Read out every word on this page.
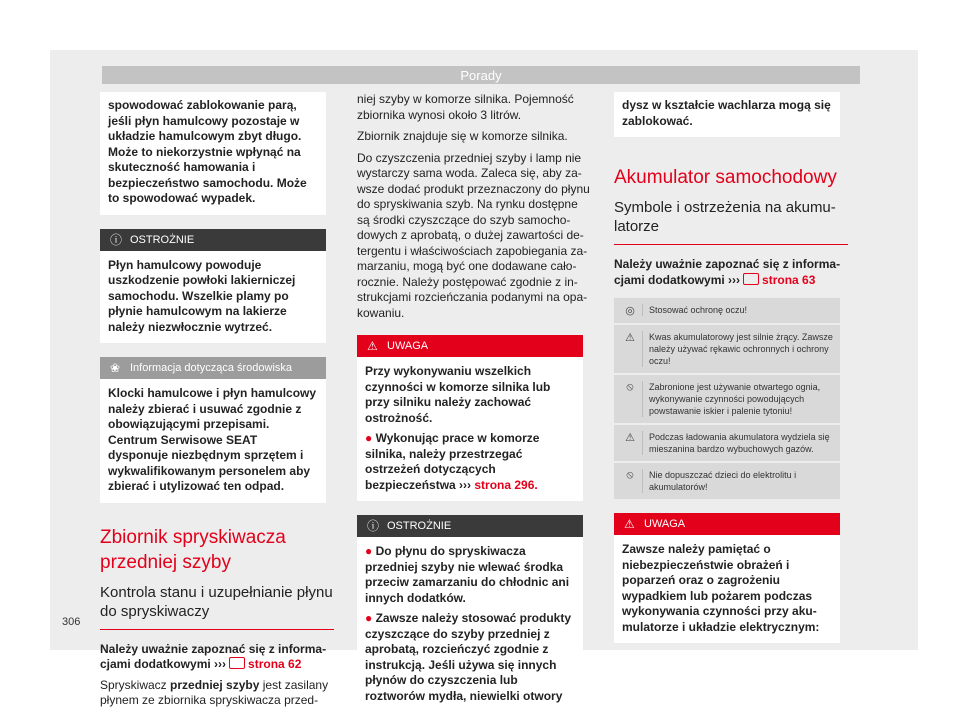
Porady

spowodować zablokowanie parą, jeśli płyn hamulcowy pozostaje w układzie hamulcowym zbyt długo. Może to niekorzystnie wpłynąć na skuteczność hamowania i bezpieczeństwo samochodu. Może to spowodować wypadek.

ⓘ OSTROŻNIE

Płyn hamulcowy powoduje uszkodzenie powłoki lakierniczej samochodu. Wszelkie plamy po płynie hamulcowym na lakierze należy niezwłocznie wytrzeć.

❀ Informacja dotycząca środowiska

Klocki hamulcowe i płyn hamulcowy należy zbierać i usuwać zgodnie z obowiązującymi przepisami. Centrum Serwisowe SEAT dysponuje niezbędnym sprzętem i wykwalifikowanym personelem aby zbierać i utylizować ten odpad.

Zbiornik spryskiwacza przedniej szyby
Kontrola stanu i uzupełnianie płynu do spryskiwaczy

Należy uważnie zapoznać się z informacjami dodatkowymi ››› strona 62

Spryskiwacz przedniej szyby jest zasilany płynem ze zbiornika spryskiwacza przed-

niej szyby w komorze silnika. Pojemność zbiornika wynosi około 3 litrów.

Zbiornik znajduje się w komorze silnika.

Do czyszczenia przedniej szyby i lamp nie wystarczy sama woda. Zaleca się, aby zawsze dodać produkt przeznaczony do płynu do spryskiwania szyb. Na rynku dostępne są środki czyszczące do szyb samochodowych z aprobatą, o dużej zawartości detergentu i właściwościach zapobiegania zamarzaniu, mogą być one dodawane całorocznie. Należy postępować zgodnie z instrukcjami rozcieńczania podanymi na opakowaniu.

⚠ UWAGA

Przy wykonywaniu wszelkich czynności w komorze silnika lub przy silniku należy zachować ostrożność.

● Wykonując prace w komorze silnika, należy przestrzegać ostrzeżeń dotyczących bezpieczeństwa ››› strona 296.

ⓘ OSTROŻNIE

● Do płynu do spryskiwacza przedniej szyby nie wlewać środka przeciw zamarzaniu do chłodnic ani innych dodatków.

● Zawsze należy stosować produkty czyszczące do szyby przedniej z aprobatą, rozcieńczyć zgodnie z instrukcją. Jeśli używa się innych płynów do czyszczenia lub roztworów mydła, niewielki otwory

dysz w kształcie wachlarza mogą się zablokować.

Akumulator samochodowy
Symbole i ostrzeżenia na akumulatorze

Należy uważnie zapoznać się z informacjami dodatkowymi ››› strona 63

◎	Stosować ochronę oczu!
⚠	Kwas akumulatorowy jest silnie żrący. Zawsze należy używać rękawic ochronnych i ochrony oczu!
⦸	Zabronione jest używanie otwartego ognia, wykonywanie czynności powodujących powstawanie iskier i palenie tytoniu!
⚠	Podczas ładowania akumulatora wydziela się mieszanina bardzo wybuchowych gazów.
⦸	Nie dopuszczać dzieci do elektrolitu i akumulatorów!
⚠ UWAGA

Zawsze należy pamiętać o niebezpieczeństwie obrażeń i poparzeń oraz o zagrożeniu wypadkiem lub pożarem podczas wykonywania czynności przy akumulatorze i układzie elektrycznym:

306
